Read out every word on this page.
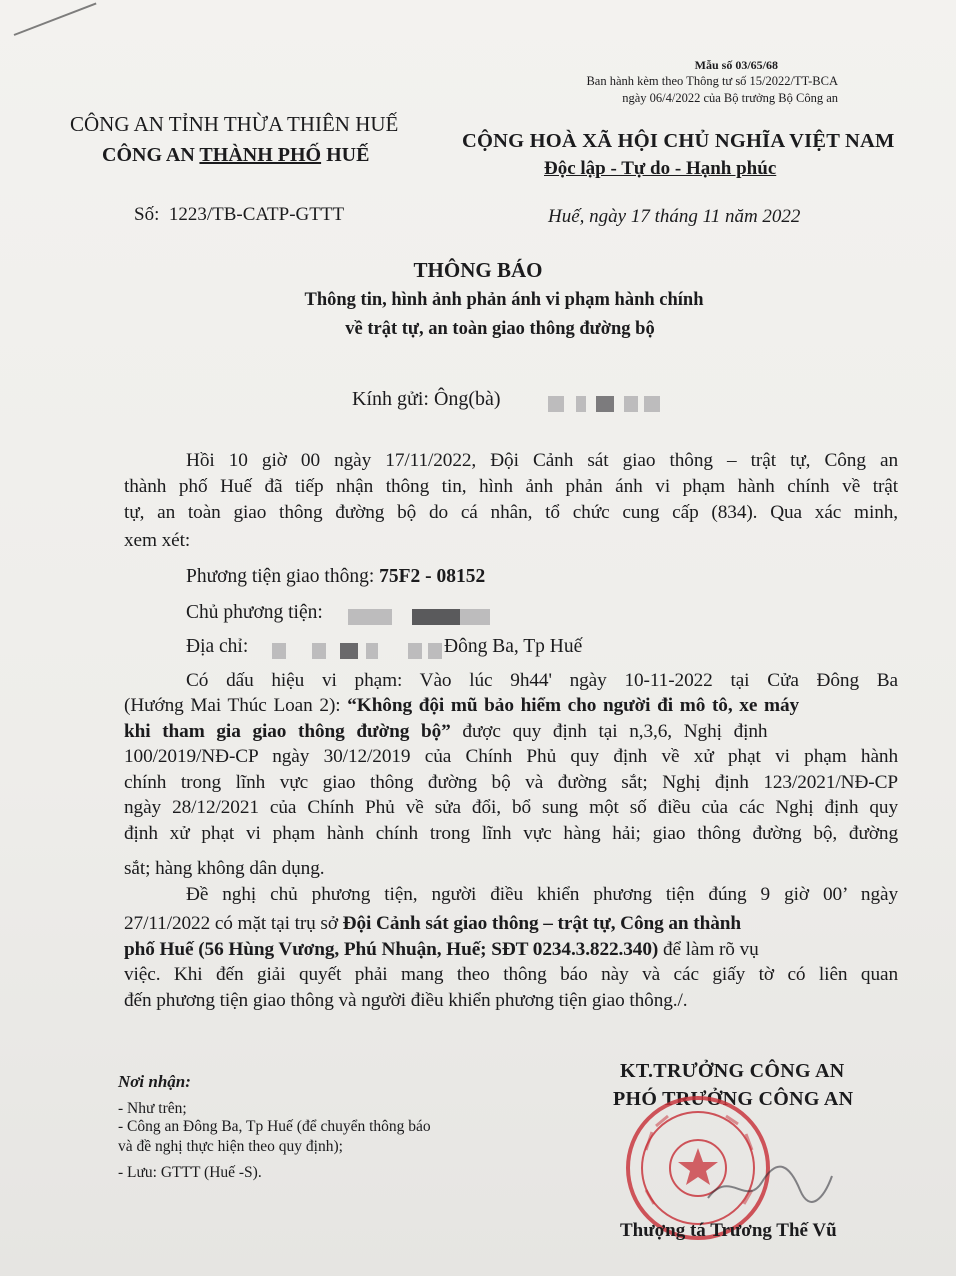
Mẫu số 03/65/68
Ban hành kèm theo Thông tư số 15/2022/TT-BCA
ngày 06/4/2022 của Bộ trưởng Bộ Công an
CÔNG AN TỈNH THỪA THIÊN HUẾ
CÔNG AN THÀNH PHỐ HUẾ
CỘNG HOÀ XÃ HỘI CHỦ NGHĨA VIỆT NAM
Độc lập - Tự do - Hạnh phúc
Số: 1223/TB-CATP-GTTT	Huế, ngày 17 tháng 11 năm 2022
THÔNG BÁO
Thông tin, hình ảnh phản ánh vi phạm hành chính
về trật tự, an toàn giao thông đường bộ
Kính gửi: Ông(bà)
Hồi 10 giờ 00 ngày 17/11/2022, Đội Cảnh sát giao thông – trật tự, Công an
thành phố Huế đã tiếp nhận thông tin, hình ảnh phản ánh vi phạm hành chính về trật
tự, an toàn giao thông đường bộ do cá nhân, tổ chức cung cấp (834). Qua xác minh,
xem xét:
Phương tiện giao thông: 75F2 - 08152
Chủ phương tiện:
Địa chỉ:	Đông Ba, Tp Huế
Có dấu hiệu vi phạm: Vào lúc 9h44' ngày 10-11-2022 tại Cửa Đông Ba
(Hướng Mai Thúc Loan 2): “Không đội mũ bảo hiểm cho người đi mô tô, xe máy
khi tham gia giao thông đường bộ” được quy định tại n,3,6, Nghị định
100/2019/NĐ-CP ngày 30/12/2019 của Chính Phủ quy định về xử phạt vi phạm hành
chính trong lĩnh vực giao thông đường bộ và đường sắt; Nghị định 123/2021/NĐ-CP
ngày 28/12/2021 của Chính Phủ về sửa đổi, bổ sung một số điều của các Nghị định quy
định xử phạt vi phạm hành chính trong lĩnh vực hàng hải; giao thông đường bộ, đường
sắt; hàng không dân dụng.
Đề nghị chủ phương tiện, người điều khiển phương tiện đúng 9 giờ 00’ ngày
27/11/2022 có mặt tại trụ sở Đội Cảnh sát giao thông – trật tự, Công an thành
phố Huế (56 Hùng Vương, Phú Nhuận, Huế; SĐT 0234.3.822.340) để làm rõ vụ
việc. Khi đến giải quyết phải mang theo thông báo này và các giấy tờ có liên quan
đến phương tiện giao thông và người điều khiển phương tiện giao thông./.
Nơi nhận:
- Như trên;
- Công an Đông Ba, Tp Huế (để chuyển thông báo
và đề nghị thực hiện theo quy định);
- Lưu: GTTT (Huế -S).
KT.TRƯỞNG CÔNG AN
PHÓ TRƯỞNG CÔNG AN
Thượng tá Trương Thế Vũ
